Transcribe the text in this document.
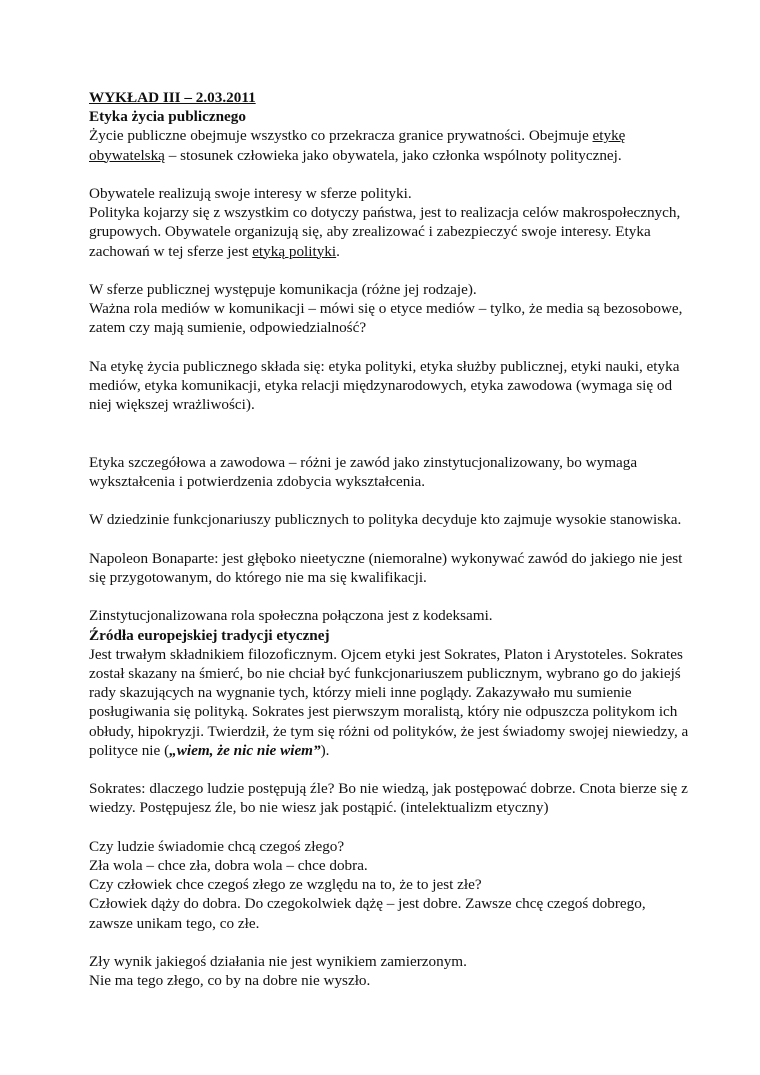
WYKŁAD III – 2.03.2011

Etyka życia publicznego

Życie publiczne obejmuje wszystko co przekracza granice prywatności. Obejmuje etykę obywatelską – stosunek człowieka jako obywatela, jako członka wspólnoty politycznej.

Obywatele realizują swoje interesy w sferze polityki.

Polityka kojarzy się z wszystkim co dotyczy państwa, jest to realizacja celów makrospołecznych, grupowych. Obywatele organizują się, aby zrealizować i zabezpieczyć swoje interesy. Etyka zachowań w tej sferze jest etyką polityki.

W sferze publicznej występuje komunikacja (różne jej rodzaje).

Ważna rola mediów w komunikacji – mówi się o etyce mediów – tylko, że media są bezosobowe, zatem czy mają sumienie, odpowiedzialność?

Na etykę życia publicznego składa się: etyka polityki, etyka służby publicznej, etyki nauki, etyka mediów, etyka komunikacji, etyka relacji międzynarodowych, etyka zawodowa (wymaga się od niej większej wrażliwości).

Etyka szczegółowa a zawodowa – różni je zawód jako zinstytucjonalizowany, bo wymaga wykształcenia i potwierdzenia zdobycia wykształcenia.

W dziedzinie funkcjonariuszy publicznych to polityka decyduje kto zajmuje wysokie stanowiska.

Napoleon Bonaparte: jest głęboko nieetyczne (niemoralne) wykonywać zawód do jakiego nie jest się przygotowanym, do którego nie ma się kwalifikacji.

Zinstytucjonalizowana rola społeczna połączona jest z kodeksami.

Źródła europejskiej tradycji etycznej

Jest trwałym składnikiem filozoficznym. Ojcem etyki jest Sokrates, Platon i Arystoteles. Sokrates został skazany na śmierć, bo nie chciał być funkcjonariuszem publicznym, wybrano go do jakiejś rady skazujących na wygnanie tych, którzy mieli inne poglądy. Zakazywało mu sumienie posługiwania się polityką. Sokrates jest pierwszym moralistą, który nie odpuszcza politykom ich obłudy, hipokryzji. Twierdził, że tym się różni od polityków, że jest świadomy swojej niewiedzy, a polityce nie („wiem, że nic nie wiem”).

Sokrates: dlaczego ludzie postępują źle? Bo nie wiedzą, jak postępować dobrze. Cnota bierze się z wiedzy. Postępujesz źle, bo nie wiesz jak postąpić. (intelektualizm etyczny)

Czy ludzie świadomie chcą czegoś złego?

Zła wola – chce zła, dobra wola – chce dobra.

Czy człowiek chce czegoś złego ze względu na to, że to jest złe?

Człowiek dąży do dobra. Do czegokolwiek dążę – jest dobre. Zawsze chcę czegoś dobrego, zawsze unikam tego, co złe.

Zły wynik jakiegoś działania nie jest wynikiem zamierzonym.

Nie ma tego złego, co by na dobre nie wyszło.
